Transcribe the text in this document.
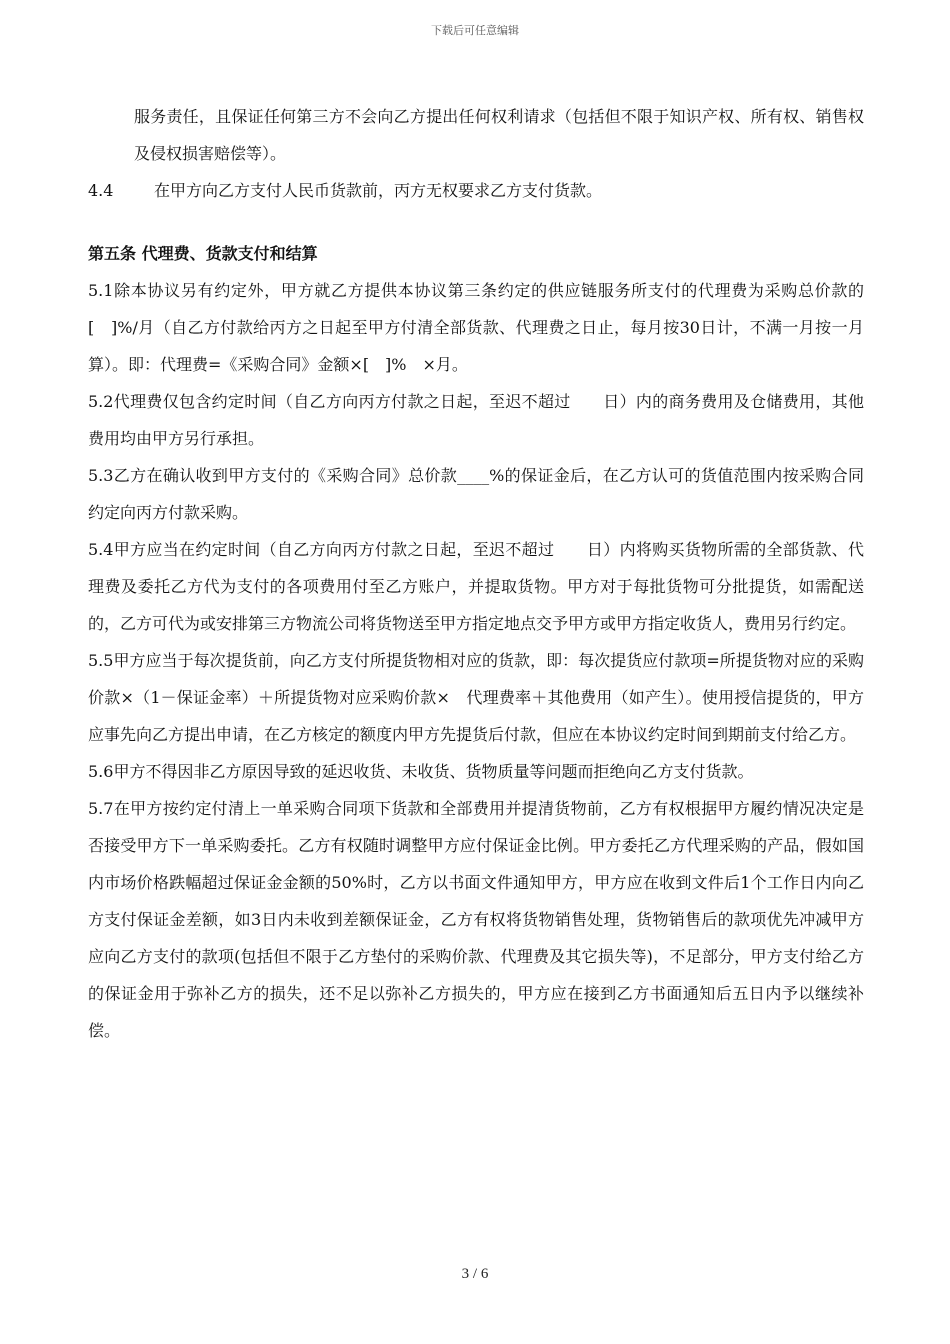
下载后可任意编辑

服务责任，且保证任何第三方不会向乙方提出任何权利请求（包括但不限于知识产权、所有权、销售权及侵权损害赔偿等）。

4.4	在甲方向乙方支付人民币货款前，丙方无权要求乙方支付货款。

第五条 代理费、货款支付和结算

5.1除本协议另有约定外，甲方就乙方提供本协议第三条约定的供应链服务所支付的代理费为采购总价款的[　]%/月（自乙方付款给丙方之日起至甲方付清全部货款、代理费之日止，每月按30日计，不满一月按一月算）。即：代理费=《采购合同》金额×[　]%　×月。

5.2代理费仅包含约定时间（自乙方向丙方付款之日起，至迟不超过　　日）内的商务费用及仓储费用，其他费用均由甲方另行承担。

5.3乙方在确认收到甲方支付的《采购合同》总价款____%的保证金后，在乙方认可的货值范围内按采购合同约定向丙方付款采购。

5.4甲方应当在约定时间（自乙方向丙方付款之日起，至迟不超过　　日）内将购买货物所需的全部货款、代理费及委托乙方代为支付的各项费用付至乙方账户，并提取货物。甲方对于每批货物可分批提货，如需配送的，乙方可代为或安排第三方物流公司将货物送至甲方指定地点交予甲方或甲方指定收货人，费用另行约定。

5.5甲方应当于每次提货前，向乙方支付所提货物相对应的货款，即：每次提货应付款项=所提货物对应的采购价款×（1－保证金率）＋所提货物对应采购价款×　代理费率＋其他费用（如产生）。使用授信提货的，甲方应事先向乙方提出申请，在乙方核定的额度内甲方先提货后付款，但应在本协议约定时间到期前支付给乙方。

5.6甲方不得因非乙方原因导致的延迟收货、未收货、货物质量等问题而拒绝向乙方支付货款。

5.7在甲方按约定付清上一单采购合同项下货款和全部费用并提清货物前，乙方有权根据甲方履约情况决定是否接受甲方下一单采购委托。乙方有权随时调整甲方应付保证金比例。甲方委托乙方代理采购的产品，假如国内市场价格跌幅超过保证金金额的50%时，乙方以书面文件通知甲方，甲方应在收到文件后1个工作日内向乙方支付保证金差额，如3日内未收到差额保证金，乙方有权将货物销售处理，货物销售后的款项优先冲减甲方应向乙方支付的款项(包括但不限于乙方垫付的采购价款、代理费及其它损失等)，不足部分，甲方支付给乙方的保证金用于弥补乙方的损失，还不足以弥补乙方损失的，甲方应在接到乙方书面通知后五日内予以继续补偿。

3 / 6
